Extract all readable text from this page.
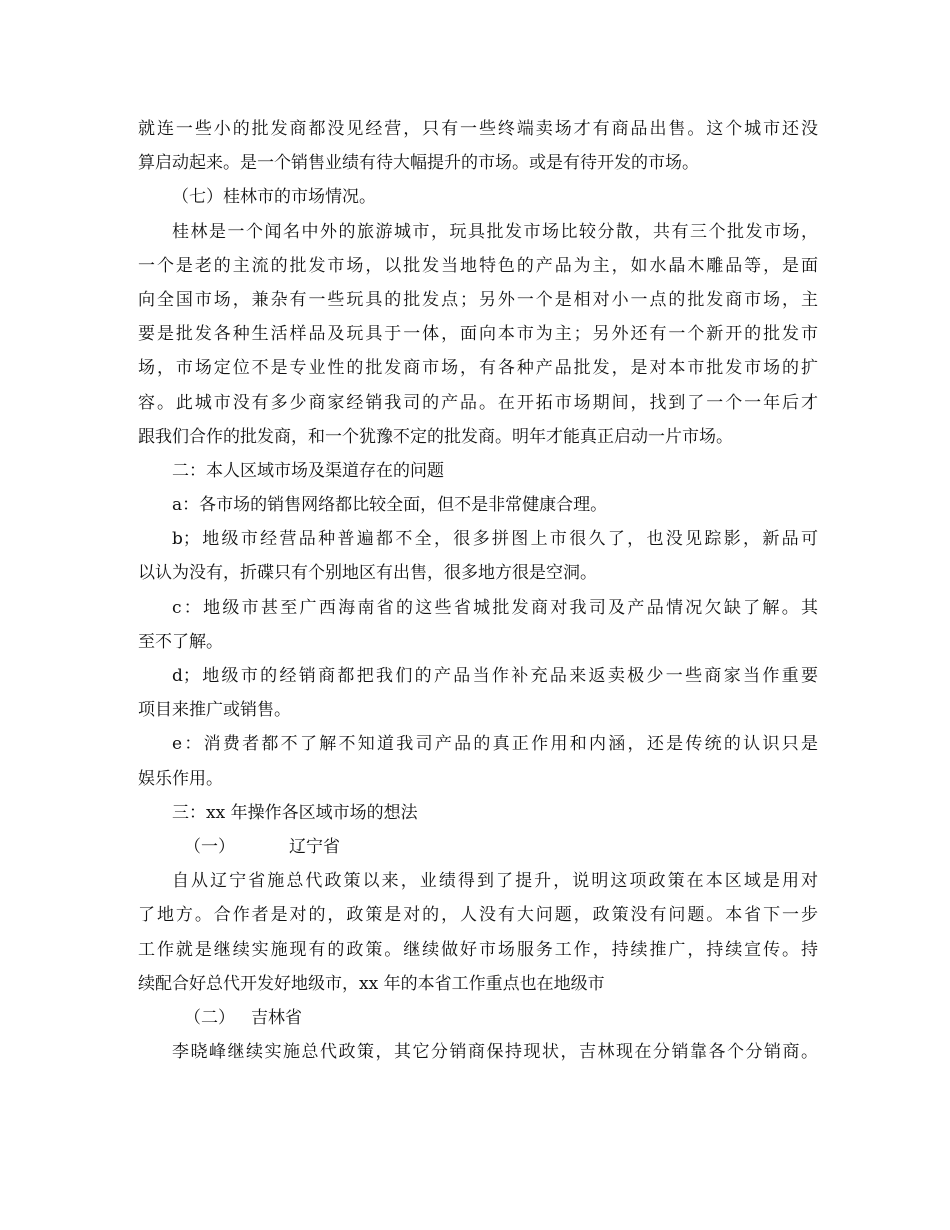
就连一些小的批发商都没见经营，只有一些终端卖场才有商品出售。这个城市还没
算启动起来。是一个销售业绩有待大幅提升的市场。或是有待开发的市场。
（七）桂林市的市场情况。
桂林是一个闻名中外的旅游城市，玩具批发市场比较分散，共有三个批发市场，
一个是老的主流的批发市场，以批发当地特色的产品为主，如水晶木雕品等，是面
向全国市场，兼杂有一些玩具的批发点；另外一个是相对小一点的批发商市场，主
要是批发各种生活样品及玩具于一体，面向本市为主；另外还有一个新开的批发市
场，市场定位不是专业性的批发商市场，有各种产品批发，是对本市批发市场的扩
容。此城市没有多少商家经销我司的产品。在开拓市场期间，找到了一个一年后才
跟我们合作的批发商，和一个犹豫不定的批发商。明年才能真正启动一片市场。
二：本人区域市场及渠道存在的问题
a：各市场的销售网络都比较全面，但不是非常健康合理。
b；地级市经营品种普遍都不全，很多拼图上市很久了，也没见踪影，新品可
以认为没有，折碟只有个别地区有出售，很多地方很是空洞。
c：地级市甚至广西海南省的这些省城批发商对我司及产品情况欠缺了解。其
至不了解。
d；地级市的经销商都把我们的产品当作补充品来返卖极少一些商家当作重要
项目来推广或销售。
e：消费者都不了解不知道我司产品的真正作用和内涵，还是传统的认识只是
娱乐作用。
三：xx 年操作各区域市场的想法
（一）	辽宁省
自从辽宁省施总代政策以来，业绩得到了提升，说明这项政策在本区域是用对
了地方。合作者是对的，政策是对的，人没有大问题，政策没有问题。本省下一步
工作就是继续实施现有的政策。继续做好市场服务工作，持续推广，持续宣传。持
续配合好总代开发好地级市，xx 年的本省工作重点也在地级市
（二） 吉林省
李晓峰继续实施总代政策，其它分销商保持现状，吉林现在分销靠各个分销商。
